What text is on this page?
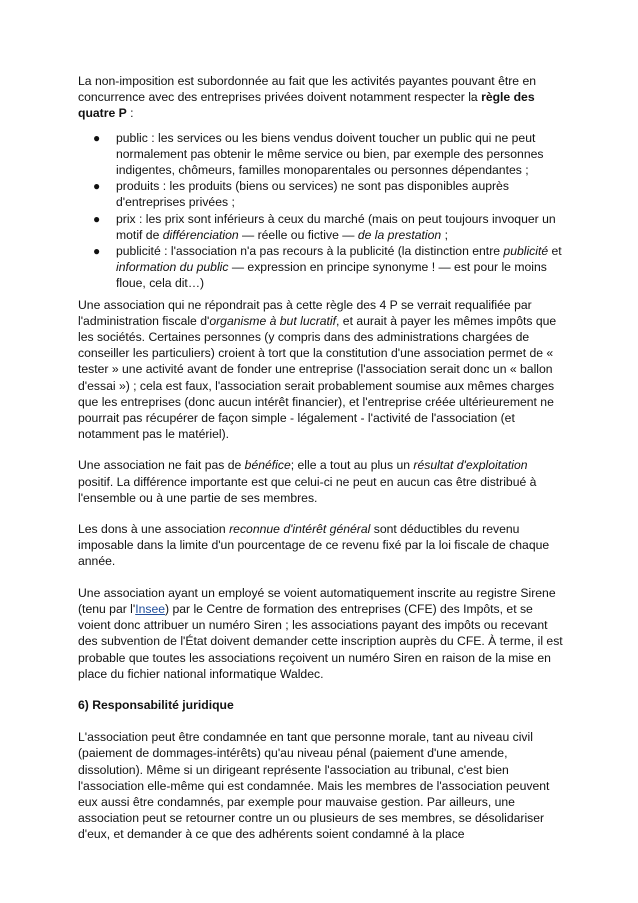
La non-imposition est subordonnée au fait que les activités payantes pouvant être en concurrence avec des entreprises privées doivent notamment respecter la règle des quatre P :

● public : les services ou les biens vendus doivent toucher un public qui ne peut normalement pas obtenir le même service ou bien, par exemple des personnes indigentes, chômeurs, familles monoparentales ou personnes dépendantes ;
● produits : les produits (biens ou services) ne sont pas disponibles auprès d'entreprises privées ;
● prix : les prix sont inférieurs à ceux du marché (mais on peut toujours invoquer un motif de différenciation — réelle ou fictive — de la prestation ;
● publicité : l'association n'a pas recours à la publicité (la distinction entre publicité et information du public — expression en principe synonyme ! — est pour le moins floue, cela dit…)

Une association qui ne répondrait pas à cette règle des 4 P se verrait requalifiée par l'administration fiscale d'organisme à but lucratif, et aurait à payer les mêmes impôts que les sociétés. Certaines personnes (y compris dans des administrations chargées de conseiller les particuliers) croient à tort que la constitution d'une association permet de « tester » une activité avant de fonder une entreprise (l'association serait donc un « ballon d'essai ») ; cela est faux, l'association serait probablement soumise aux mêmes charges que les entreprises (donc aucun intérêt financier), et l'entreprise créée ultérieurement ne pourrait pas récupérer de façon simple - légalement - l'activité de l'association (et notamment pas le matériel).

Une association ne fait pas de bénéfice; elle a tout au plus un résultat d'exploitation positif. La différence importante est que celui-ci ne peut en aucun cas être distribué à l'ensemble ou à une partie de ses membres.

Les dons à une association reconnue d'intérêt général sont déductibles du revenu imposable dans la limite d'un pourcentage de ce revenu fixé par la loi fiscale de chaque année.

Une association ayant un employé se voient automatiquement inscrite au registre Sirene (tenu par l'Insee) par le Centre de formation des entreprises (CFE) des Impôts, et se voient donc attribuer un numéro Siren ; les associations payant des impôts ou recevant des subvention de l'État doivent demander cette inscription auprès du CFE. À terme, il est probable que toutes les associations reçoivent un numéro Siren en raison de la mise en place du fichier national informatique Waldec.

6) Responsabilité juridique

L'association peut être condamnée en tant que personne morale, tant au niveau civil (paiement de dommages-intérêts) qu'au niveau pénal (paiement d'une amende, dissolution). Même si un dirigeant représente l'association au tribunal, c'est bien l'association elle-même qui est condamnée. Mais les membres de l'association peuvent eux aussi être condamnés, par exemple pour mauvaise gestion. Par ailleurs, une association peut se retourner contre un ou plusieurs de ses membres, se désolidariser d'eux, et demander à ce que des adhérents soient condamné à la place
